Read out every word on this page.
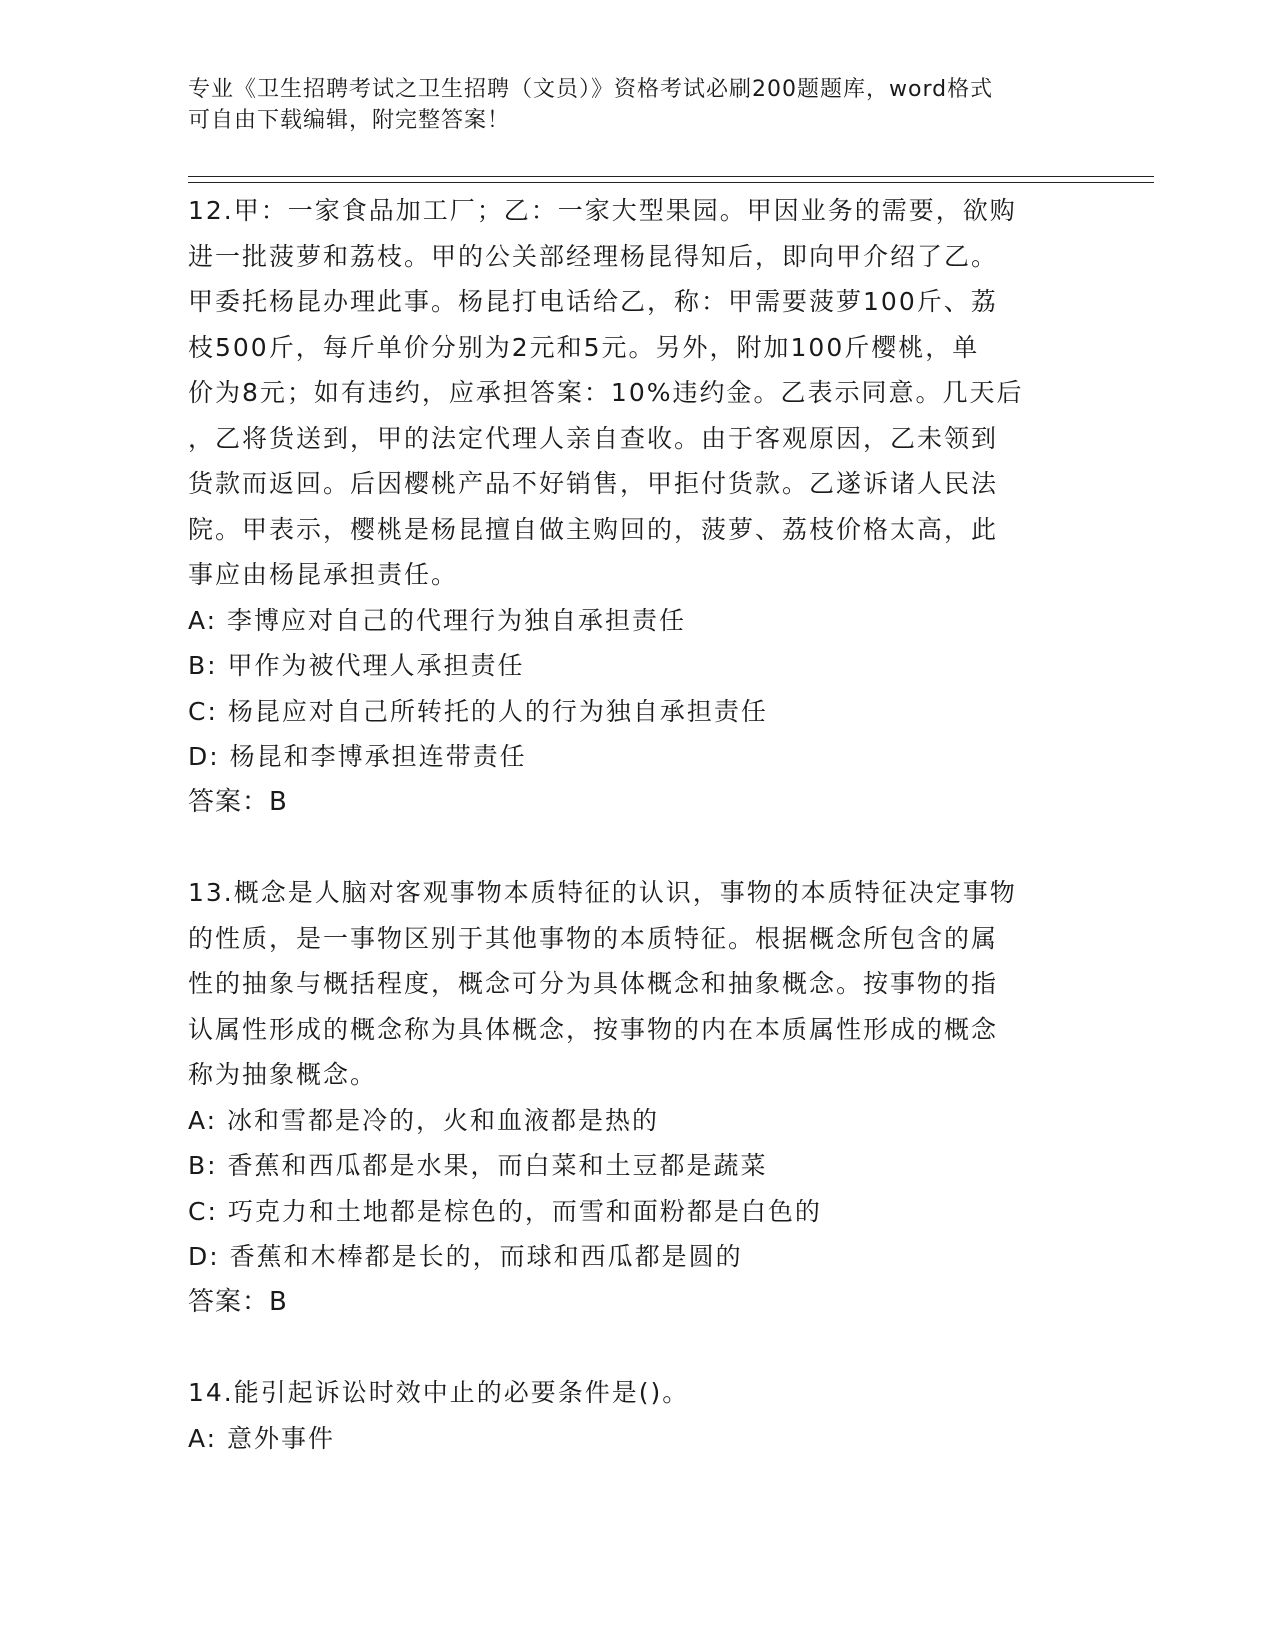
专业《卫生招聘考试之卫生招聘（文员）》资格考试必刷200题题库，word格式
可自由下载编辑，附完整答案！
12.甲：一家食品加工厂；乙：一家大型果园。甲因业务的需要，欲购
进一批菠萝和荔枝。甲的公关部经理杨昆得知后，即向甲介绍了乙。
甲委托杨昆办理此事。杨昆打电话给乙，称：甲需要菠萝100斤、荔
枝500斤，每斤单价分别为2元和5元。另外，附加100斤樱桃，单
价为8元；如有违约，应承担答案：10%违约金。乙表示同意。几天后
，乙将货送到，甲的法定代理人亲自查收。由于客观原因，乙未领到
货款而返回。后因樱桃产品不好销售，甲拒付货款。乙遂诉诸人民法
院。甲表示，樱桃是杨昆擅自做主购回的，菠萝、荔枝价格太高，此
事应由杨昆承担责任。
A: 李博应对自己的代理行为独自承担责任
B: 甲作为被代理人承担责任
C: 杨昆应对自己所转托的人的行为独自承担责任
D: 杨昆和李博承担连带责任
答案：B
13.概念是人脑对客观事物本质特征的认识，事物的本质特征决定事物
的性质，是一事物区别于其他事物的本质特征。根据概念所包含的属
性的抽象与概括程度，概念可分为具体概念和抽象概念。按事物的指
认属性形成的概念称为具体概念，按事物的内在本质属性形成的概念
称为抽象概念。
A: 冰和雪都是冷的，火和血液都是热的
B: 香蕉和西瓜都是水果，而白菜和土豆都是蔬菜
C: 巧克力和土地都是棕色的，而雪和面粉都是白色的
D: 香蕉和木棒都是长的，而球和西瓜都是圆的
答案：B
14.能引起诉讼时效中止的必要条件是()。
A: 意外事件
